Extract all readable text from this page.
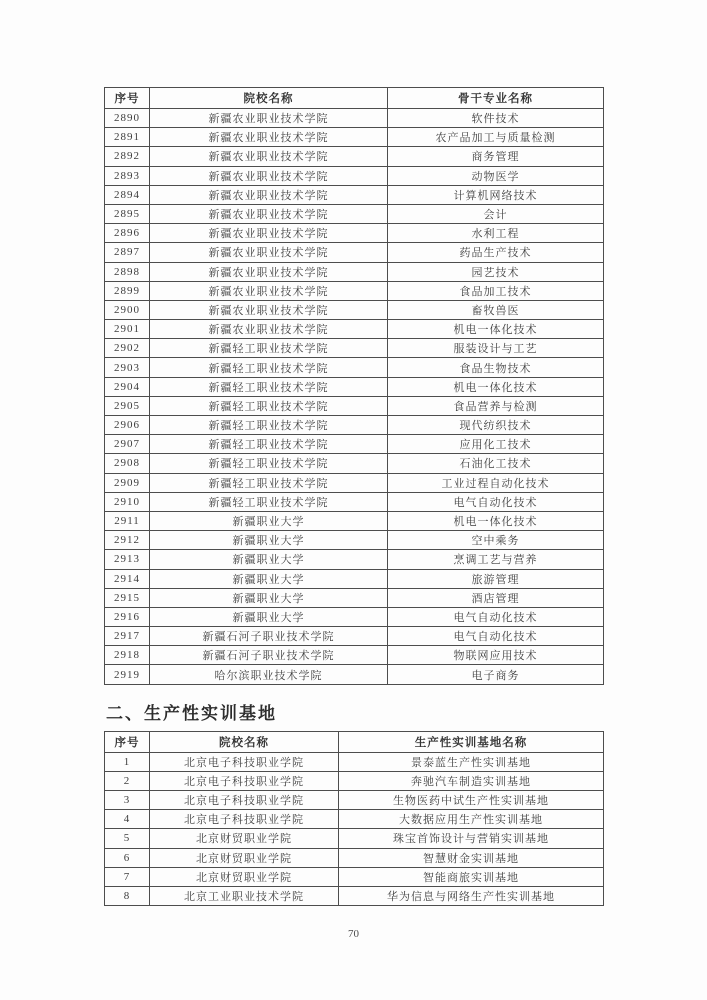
序号	院校名称	骨干专业名称
2890	新疆农业职业技术学院	软件技术
2891	新疆农业职业技术学院	农产品加工与质量检测
2892	新疆农业职业技术学院	商务管理
2893	新疆农业职业技术学院	动物医学
2894	新疆农业职业技术学院	计算机网络技术
2895	新疆农业职业技术学院	会计
2896	新疆农业职业技术学院	水利工程
2897	新疆农业职业技术学院	药品生产技术
2898	新疆农业职业技术学院	园艺技术
2899	新疆农业职业技术学院	食品加工技术
2900	新疆农业职业技术学院	畜牧兽医
2901	新疆农业职业技术学院	机电一体化技术
2902	新疆轻工职业技术学院	服装设计与工艺
2903	新疆轻工职业技术学院	食品生物技术
2904	新疆轻工职业技术学院	机电一体化技术
2905	新疆轻工职业技术学院	食品营养与检测
2906	新疆轻工职业技术学院	现代纺织技术
2907	新疆轻工职业技术学院	应用化工技术
2908	新疆轻工职业技术学院	石油化工技术
2909	新疆轻工职业技术学院	工业过程自动化技术
2910	新疆轻工职业技术学院	电气自动化技术
2911	新疆职业大学	机电一体化技术
2912	新疆职业大学	空中乘务
2913	新疆职业大学	烹调工艺与营养
2914	新疆职业大学	旅游管理
2915	新疆职业大学	酒店管理
2916	新疆职业大学	电气自动化技术
2917	新疆石河子职业技术学院	电气自动化技术
2918	新疆石河子职业技术学院	物联网应用技术
2919	哈尔滨职业技术学院	电子商务
二、生产性实训基地
序号	院校名称	生产性实训基地名称
1	北京电子科技职业学院	景泰蓝生产性实训基地
2	北京电子科技职业学院	奔驰汽车制造实训基地
3	北京电子科技职业学院	生物医药中试生产性实训基地
4	北京电子科技职业学院	大数据应用生产性实训基地
5	北京财贸职业学院	珠宝首饰设计与营销实训基地
6	北京财贸职业学院	智慧财金实训基地
7	北京财贸职业学院	智能商旅实训基地
8	北京工业职业技术学院	华为信息与网络生产性实训基地
70
